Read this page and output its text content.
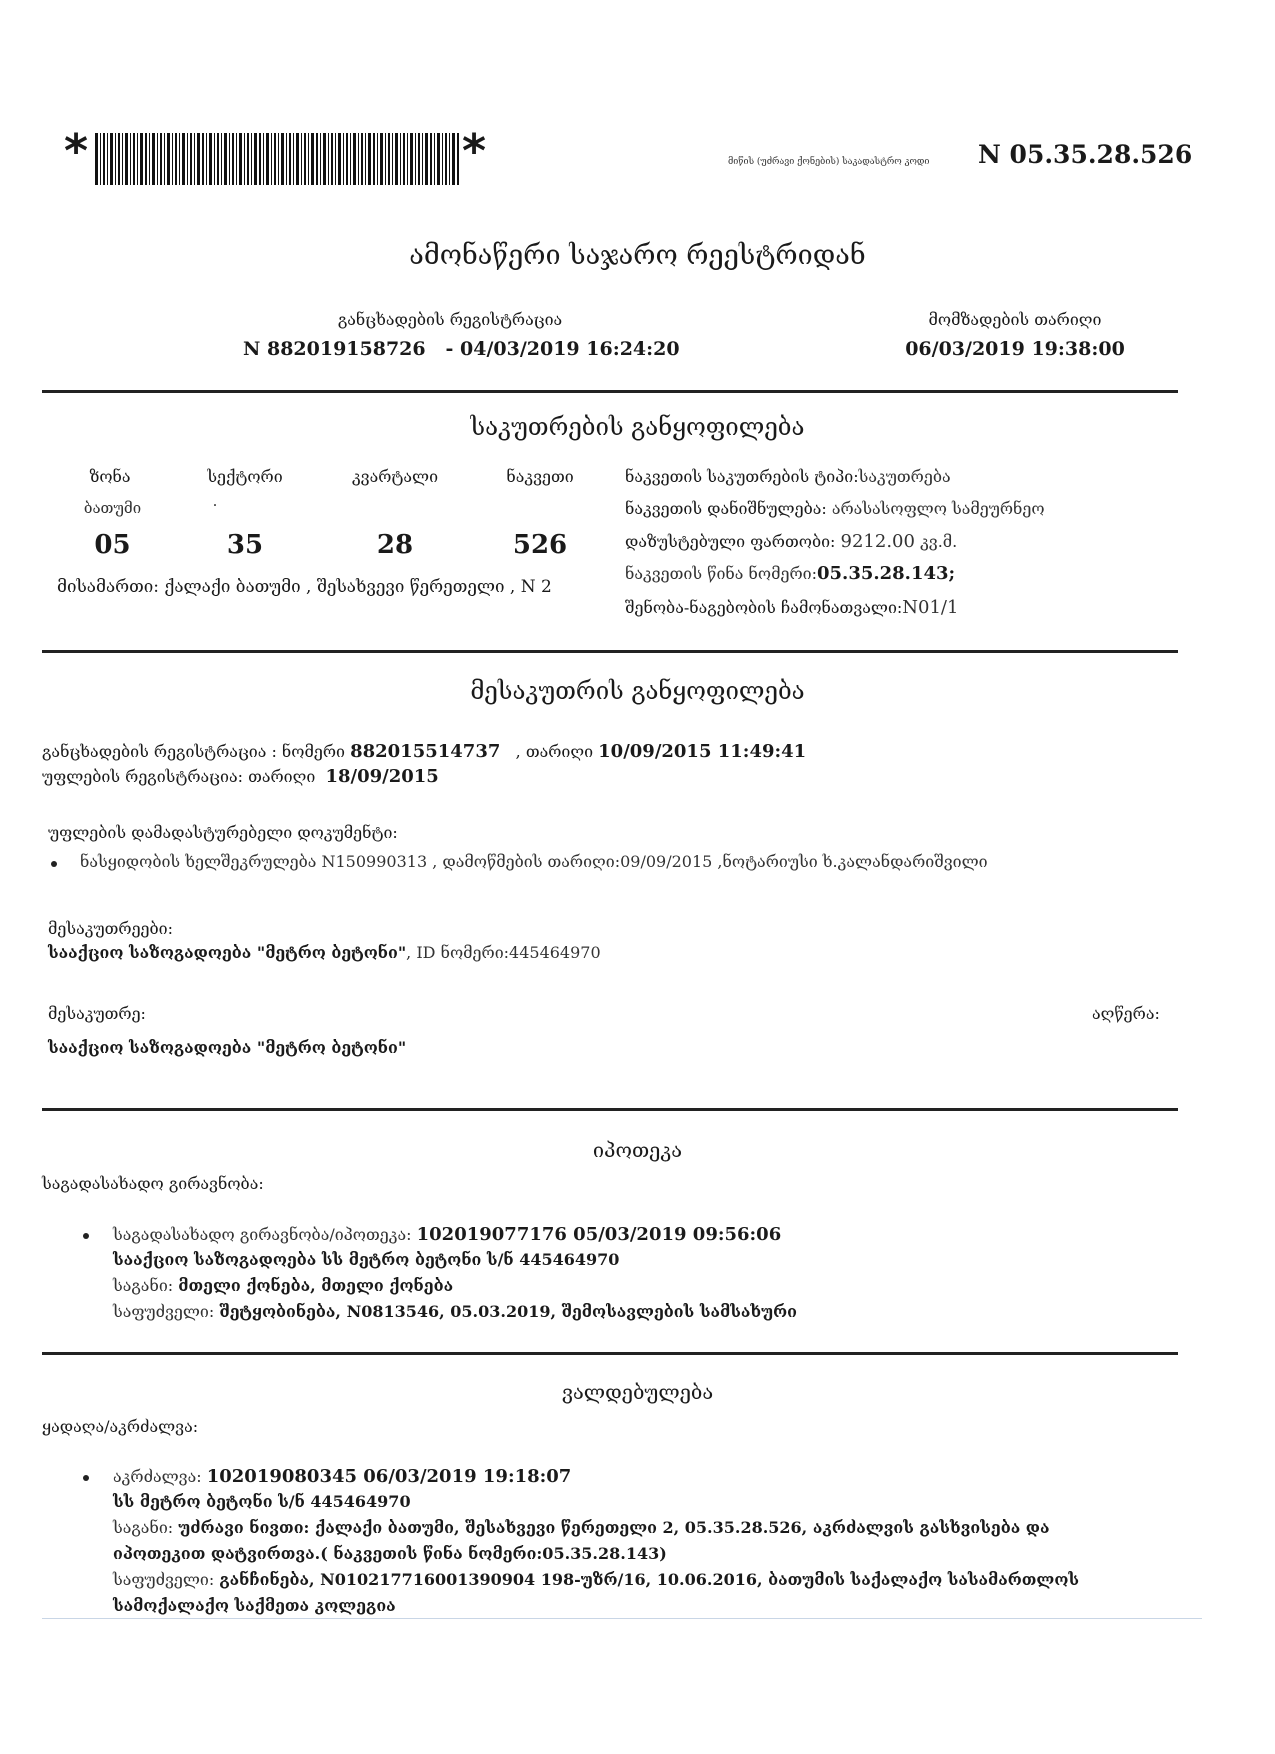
*	*	მიწის (უძრავი ქონების) საკადასტრო კოდი N 05.35.28.526
ამონაწერი საჯარო რეესტრიდან
განცხადების რეგისტრაცია
N 882019158726 - 04/03/2019 16:24:20
მომზადების თარიღი
06/03/2019 19:38:00
საკუთრების განყოფილება
ზონა	სექტორი	კვარტალი	ნაკვეთი
ბათუმი	·
05	35	28	526
მისამართი: ქალაქი ბათუმი , შესახვევი წერეთელი , N 2
ნაკვეთის საკუთრების ტიპი:საკუთრება
ნაკვეთის დანიშნულება: არასასოფლო სამეურნეო
დაზუსტებული ფართობი: 9212.00 კვ.მ.
ნაკვეთის წინა ნომერი:05.35.28.143;
შენობა-ნაგებობის ჩამონათვალი:N01/1
მესაკუთრის განყოფილება
განცხადების რეგისტრაცია : ნომერი 882015514737 , თარიღი 10/09/2015 11:49:41
უფლების რეგისტრაცია: თარიღი 18/09/2015
უფლების დამადასტურებელი დოკუმენტი:
ნასყიდობის ხელშეკრულება N150990313 , დამოწმების თარიღი:09/09/2015 ,ნოტარიუსი ხ.კალანდარიშვილი
მესაკუთრეები:
სააქციო საზოგადოება "მეტრო ბეტონი", ID ნომერი:445464970
მესაკუთრე:	აღწერა:
სააქციო საზოგადოება "მეტრო ბეტონი"
იპოთეკა
საგადასახადო გირავნობა:
საგადასახადო გირავნობა/იპოთეკა: 102019077176 05/03/2019 09:56:06
სააქციო საზოგადოება სს მეტრო ბეტონი ს/ნ 445464970
საგანი: მთელი ქონება, მთელი ქონება
საფუძველი: შეტყობინება, N0813546, 05.03.2019, შემოსავლების სამსახური
ვალდებულება
ყადაღა/აკრძალვა:
აკრძალვა: 102019080345 06/03/2019 19:18:07
სს მეტრო ბეტონი ს/ნ 445464970
საგანი: უძრავი ნივთი: ქალაქი ბათუმი, შესახვევი წერეთელი 2, 05.35.28.526, აკრძალვის გასხვისება და
იპოთეკით დატვირთვა.( ნაკვეთის წინა ნომერი:05.35.28.143)
საფუძველი: განჩინება, N010217716001390904 198-უზრ/16, 10.06.2016, ბათუმის საქალაქო სასამართლოს
სამოქალაქო საქმეთა კოლეგია
